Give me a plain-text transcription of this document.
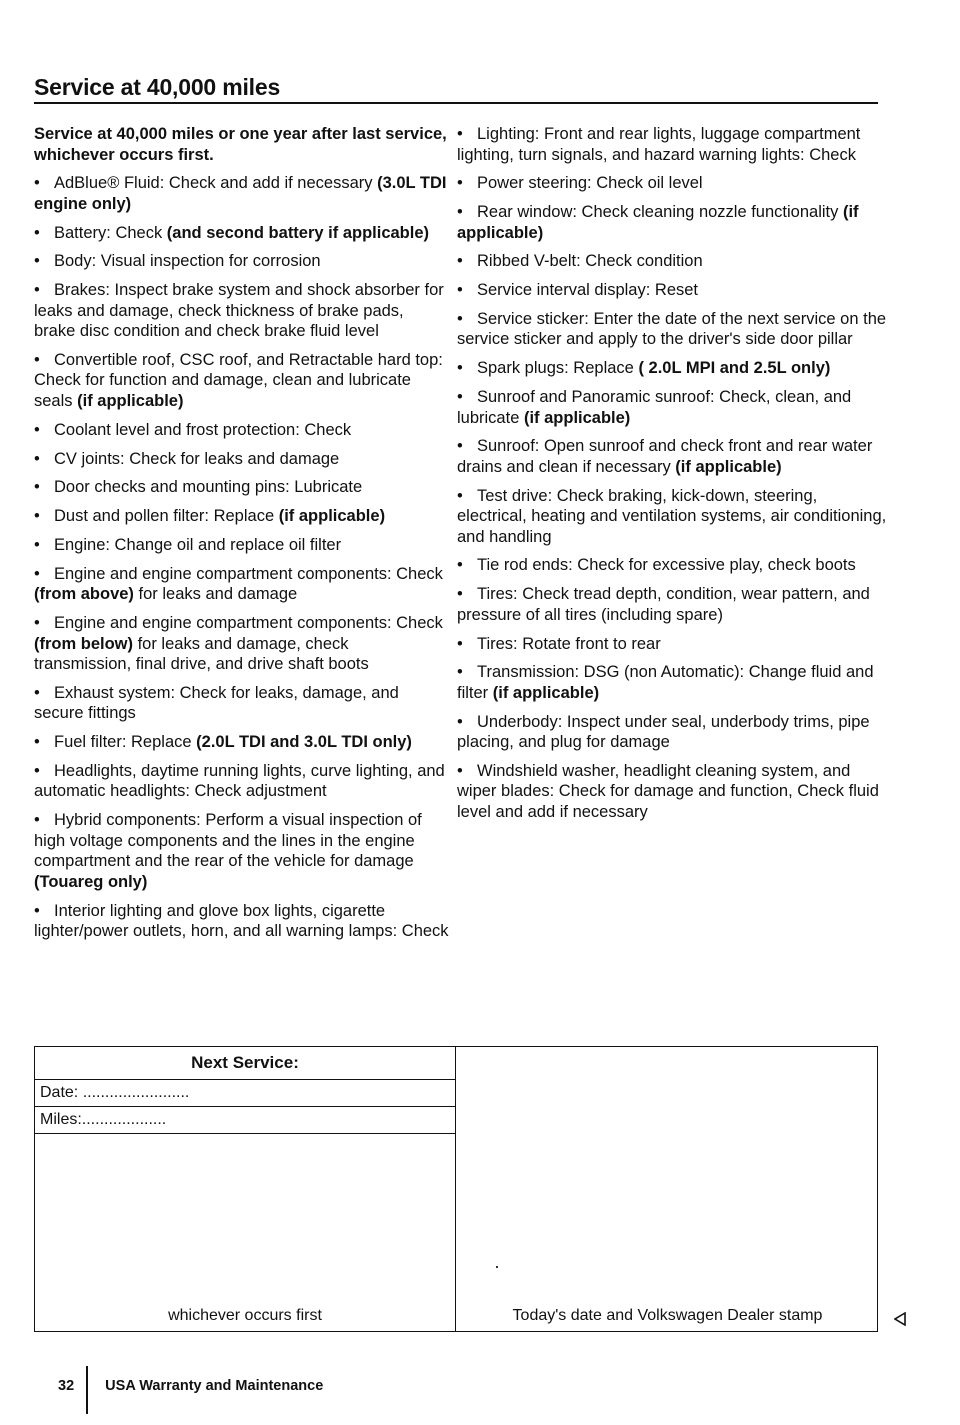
Service at 40,000 miles

Service at 40,000 miles or one year after last service, whichever occurs first.

• AdBlue® Fluid: Check and add if necessary (3.0L TDI engine only)

• Battery: Check (and second battery if applicable)

• Body: Visual inspection for corrosion

• Brakes: Inspect brake system and shock absorber for leaks and damage, check thickness of brake pads, brake disc condition and check brake fluid level

• Convertible roof, CSC roof, and Retractable hard top: Check for function and damage, clean and lubricate seals (if applicable)

• Coolant level and frost protection: Check

• CV joints: Check for leaks and damage

• Door checks and mounting pins: Lubricate

• Dust and pollen filter: Replace (if applicable)

• Engine: Change oil and replace oil filter

• Engine and engine compartment components: Check (from above) for leaks and damage

• Engine and engine compartment components: Check (from below) for leaks and damage, check transmission, final drive, and drive shaft boots

• Exhaust system: Check for leaks, damage, and secure fittings

• Fuel filter: Replace (2.0L TDI and 3.0L TDI only)

• Headlights, daytime running lights, curve lighting, and automatic headlights: Check adjustment

• Hybrid components: Perform a visual inspection of high voltage components and the lines in the engine compartment and the rear of the vehicle for damage (Touareg only)

• Interior lighting and glove box lights, cigarette lighter/power outlets, horn, and all warning lamps: Check

• Lighting: Front and rear lights, luggage compartment lighting, turn signals, and hazard warning lights: Check

• Power steering: Check oil level

• Rear window: Check cleaning nozzle functionality (if applicable)

• Ribbed V-belt: Check condition

• Service interval display: Reset

• Service sticker: Enter the date of the next service on the service sticker and apply to the driver's side door pillar

• Spark plugs: Replace ( 2.0L MPI and 2.5L only)

• Sunroof and Panoramic sunroof: Check, clean, and lubricate (if applicable)

• Sunroof: Open sunroof and check front and rear water drains and clean if necessary (if applicable)

• Test drive: Check braking, kick-down, steering, electrical, heating and ventilation systems, air conditioning, and handling

• Tie rod ends: Check for excessive play, check boots

• Tires: Check tread depth, condition, wear pattern, and pressure of all tires (including spare)

• Tires: Rotate front to rear

• Transmission: DSG (non Automatic): Change fluid and filter (if applicable)

• Underbody: Inspect under seal, underbody trims, pipe placing, and plug for damage

• Windshield washer, headlight cleaning system, and wiper blades: Check for damage and function, Check fluid level and add if necessary

Next Service:
Date: ........................
Miles:...................
whichever occurs first	Today's date and Volkswagen Dealer stamp
32 USA Warranty and Maintenance
